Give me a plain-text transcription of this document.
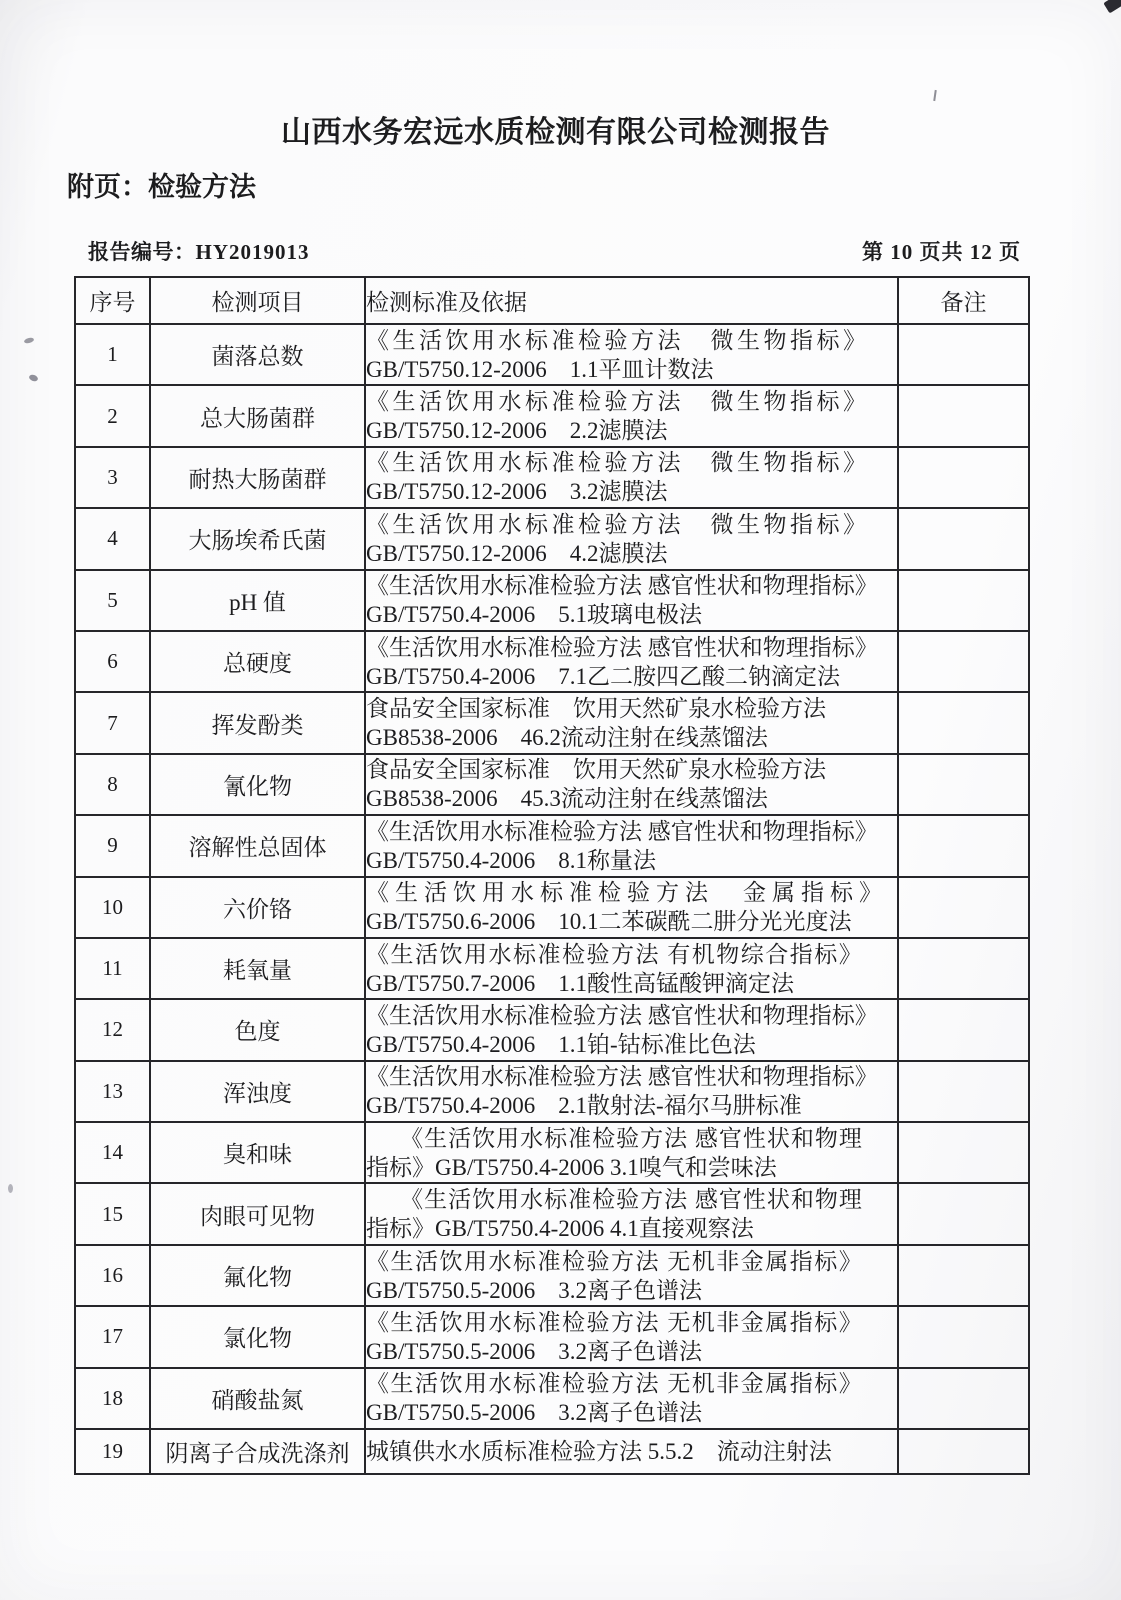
山西水务宏远水质检测有限公司检测报告
附页：检验方法
报告编号：HY2019013	第 10 页共 12 页
序号	检测项目	检测标准及依据	备注
1	菌落总数	《生活饮用水标准检验方法　微生物指标》
GB/T5750.12-2006　1.1平皿计数法	

2	总大肠菌群	《生活饮用水标准检验方法　微生物指标》
GB/T5750.12-2006　2.2滤膜法	

3	耐热大肠菌群	《生活饮用水标准检验方法　微生物指标》
GB/T5750.12-2006　3.2滤膜法	

4	大肠埃希氏菌	《生活饮用水标准检验方法　微生物指标》
GB/T5750.12-2006　4.2滤膜法	

5	pH 值	《生活饮用水标准检验方法 感官性状和物理指标》
GB/T5750.4-2006　5.1玻璃电极法	

6	总硬度	《生活饮用水标准检验方法 感官性状和物理指标》
GB/T5750.4-2006　7.1乙二胺四乙酸二钠滴定法	

7	挥发酚类	食品安全国家标准　饮用天然矿泉水检验方法
GB8538-2006　46.2流动注射在线蒸馏法	

8	氰化物	食品安全国家标准　饮用天然矿泉水检验方法
GB8538-2006　45.3流动注射在线蒸馏法	

9	溶解性总固体	《生活饮用水标准检验方法 感官性状和物理指标》
GB/T5750.4-2006　8.1称量法	

10	六价铬	《生活饮用水标准检验方法　金属指标》
GB/T5750.6-2006　10.1二苯碳酰二肼分光光度法	

11	耗氧量	《生活饮用水标准检验方法 有机物综合指标》
GB/T5750.7-2006　1.1酸性高锰酸钾滴定法	

12	色度	《生活饮用水标准检验方法 感官性状和物理指标》
GB/T5750.4-2006　1.1铂-钴标准比色法	

13	浑浊度	《生活饮用水标准检验方法 感官性状和物理指标》
GB/T5750.4-2006　2.1散射法-福尔马肼标准	

14	臭和味	《生活饮用水标准检验方法 感官性状和物理
指标》GB/T5750.4-2006 3.1嗅气和尝味法	

15	肉眼可见物	《生活饮用水标准检验方法 感官性状和物理
指标》GB/T5750.4-2006 4.1直接观察法	

16	氟化物	《生活饮用水标准检验方法 无机非金属指标》
GB/T5750.5-2006　3.2离子色谱法	

17	氯化物	《生活饮用水标准检验方法 无机非金属指标》
GB/T5750.5-2006　3.2离子色谱法	

18	硝酸盐氮	《生活饮用水标准检验方法 无机非金属指标》
GB/T5750.5-2006　3.2离子色谱法	

19	阴离子合成洗涤剂	城镇供水水质标准检验方法 5.5.2　流动注射法	
